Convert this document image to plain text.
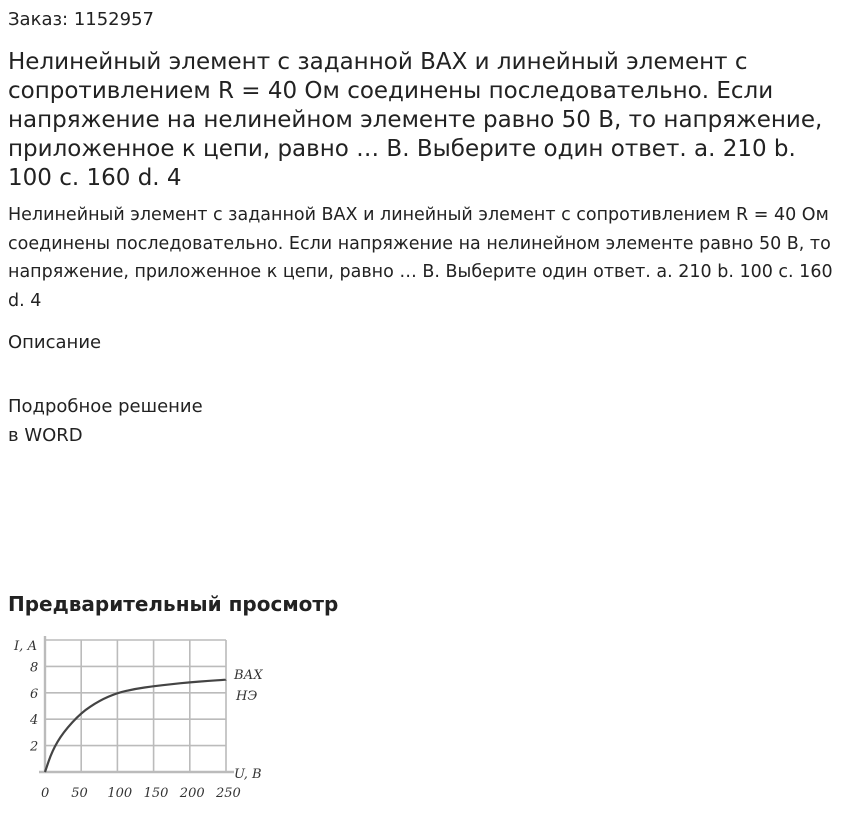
Заказ: 1152957

Нелинейный элемент с заданной ВАХ и линейный элемент с сопротивлением R = 40 Ом соединены последовательно. Если напряжение на нелинейном элементе равно 50 В, то напряжение, приложенное к цепи, равно … В. Выберите один ответ. a. 210 b. 100 c. 160 d. 4

Нелинейный элемент с заданной ВАХ и линейный элемент с сопротивлением R = 40 Ом соединены последовательно. Если напряжение на нелинейном элементе равно 50 В, то напряжение, приложенное к цепи, равно … В. Выберите один ответ. a. 210 b. 100 c. 160 d. 4

Описание

Подробное решение
в WORD

Предварительный просмотр
0 50 100 150 200 250
2
4
6
8
I, А
U, В
ВАХ
НЭ
